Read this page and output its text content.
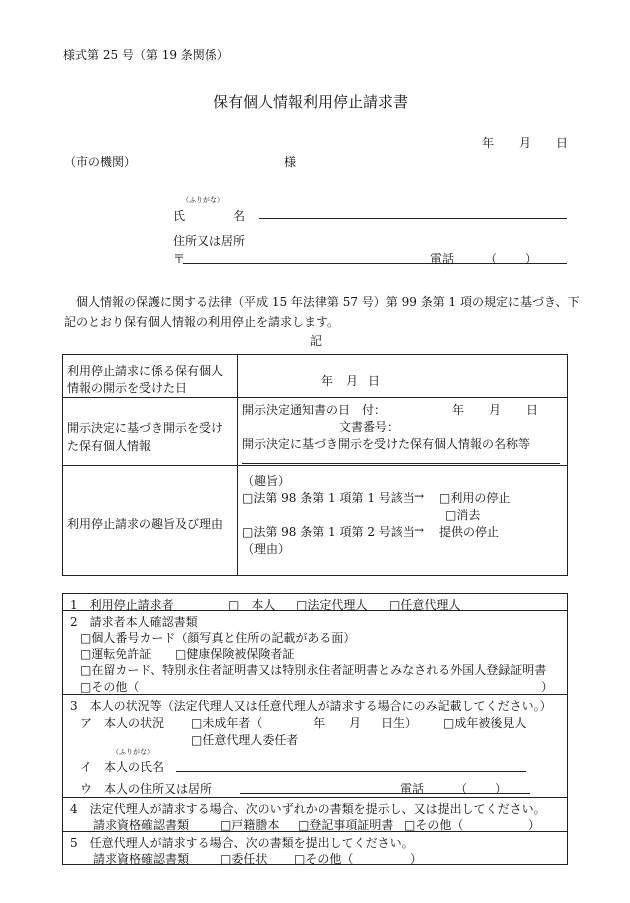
様式第 25 号（第 19 条関係）
保有個人情報利用停止請求書
年 月 日
（市の機関）	様
（ふりがな）
氏	名
住所又は居所
〒	電話	（ ）
個人情報の保護に関する法律（平成 15 年法律第 57 号）第 99 条第 1 項の規定に基づき、下
記のとおり保有個人情報の利用停止を請求します。
記
利用停止請求に係る保有個人
情報の開示を受けた日	年 月 日
開示決定に基づき開示を受け
た保有個人情報
開示決定通知書の日　付：	年 月 日
文書番号：
開示決定に基づき開示を受けた保有個人情報の名称等
利用停止請求の趣旨及び理由
（趣旨）
□法第 98 条第 1 項第 1 号該当 → □利用の停止
□消去
□法第 98 条第 1 項第 2 号該当 → 提供の停止
（理由）
1　利用停止請求者	□　本人 □法定代理人 □任意代理人
2　請求者本人確認書類
□個人番号カード（顔写真と住所の記載がある面）
□運転免許証 □健康保険被保険者証
□在留カード、特別永住者証明書又は特別永住者証明書とみなされる外国人登録証明書
□その他（	）
3　本人の状況等（法定代理人又は任意代理人が請求する場合にのみ記載してください。）
ア　本人の状況 □未成年者（	年 月 日生） □成年被後見人
□任意代理人委任者
（ふりがな）
イ　本人の氏名
ウ　本人の住所又は居所	電話	（ ）
4　法定代理人が請求する場合、次のいずれかの書類を提示し、又は提出してください。
請求資格確認書類	□戸籍謄本 □登記事項証明書 □その他（	）
5　任意代理人が請求する場合、次の書類を提出してください。
請求資格確認書類	□委任状 □その他（	）
